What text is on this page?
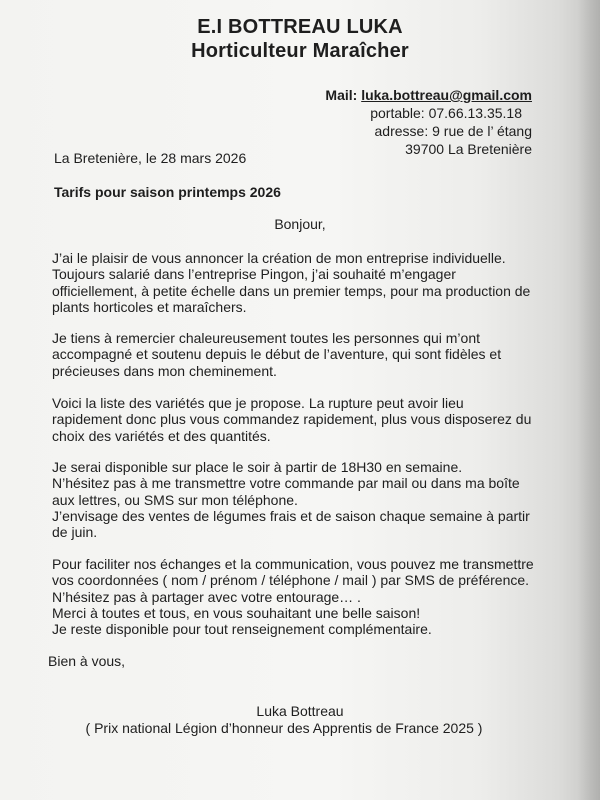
E.I BOTTREAU LUKA
Horticulteur Maraîcher
Mail: luka.bottreau@gmail.com
portable: 07.66.13.35.18
adresse: 9 rue de l’ étang
39700 La Bretenière
La Bretenière, le 28 mars 2026
Tarifs pour saison printemps 2026
Bonjour,
J’ai le plaisir de vous annoncer la création de mon entreprise individuelle.
Toujours salarié dans l’entreprise Pingon, j’ai souhaité m’engager
officiellement, à petite échelle dans un premier temps, pour ma production de
plants horticoles et maraîchers.
Je tiens à remercier chaleureusement toutes les personnes qui m’ont
accompagné et soutenu depuis le début de l’aventure, qui sont fidèles et
précieuses dans mon cheminement.
Voici la liste des variétés que je propose. La rupture peut avoir lieu
rapidement donc plus vous commandez rapidement, plus vous disposerez du
choix des variétés et des quantités.
Je serai disponible sur place le soir à partir de 18H30 en semaine.
N’hésitez pas à me transmettre votre commande par mail ou dans ma boîte
aux lettres, ou SMS sur mon téléphone.
J’envisage des ventes de légumes frais et de saison chaque semaine à partir
de juin.
Pour faciliter nos échanges et la communication, vous pouvez me transmettre
vos coordonnées ( nom / prénom / téléphone / mail ) par SMS de préférence.
N’hésitez pas à partager avec votre entourage… .
Merci à toutes et tous, en vous souhaitant une belle saison!
Je reste disponible pour tout renseignement complémentaire.
Bien à vous,
Luka Bottreau
( Prix national Légion d’honneur des Apprentis de France 2025 )
